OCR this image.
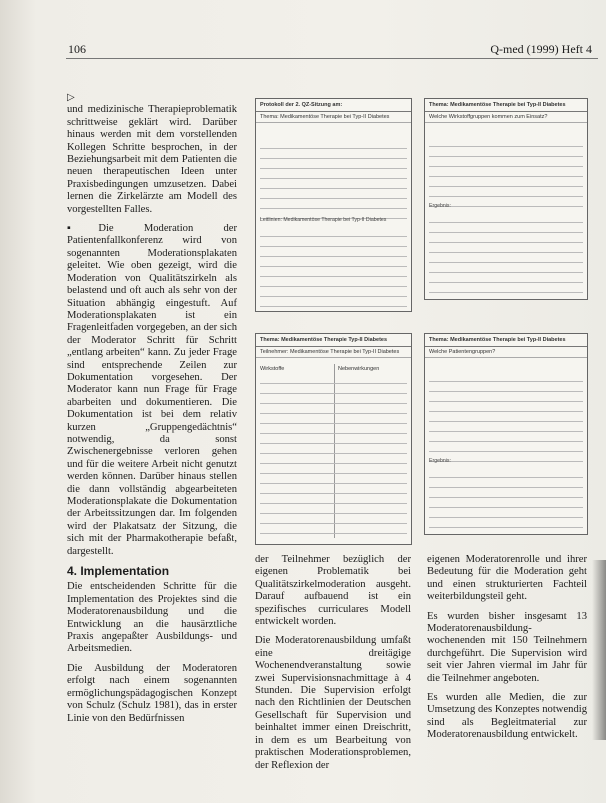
106	Q-med (1999) Heft 4
▷

und medizinische Therapieproblematik schrittweise geklärt wird. Darüber hinaus werden mit dem vorstellenden Kollegen Schritte besprochen, in der Beziehungsarbeit mit dem Patienten die neuen therapeutischen Ideen unter Praxisbedingungen umzusetzen. Dabei lernen die Zirkelärzte am Modell des vorgestellten Falles.

▪ Die Moderation der Patientenfallkonferenz wird von sogenannten Moderationsplakaten geleitet. Wie oben gezeigt, wird die Moderation von Qualitätszirkeln als belastend und oft auch als sehr von der Situation abhängig eingestuft. Auf Moderationsplakaten ist ein Fragenleitfaden vorgegeben, an der sich der Moderator Schritt für Schritt „entlang arbeiten“ kann. Zu jeder Frage sind entsprechende Zeilen zur Dokumentation vorgesehen. Der Moderator kann nun Frage für Frage abarbeiten und dokumentieren. Die Dokumentation ist bei dem relativ kurzen „Gruppengedächtnis“ notwendig, da sonst Zwischenergebnisse verloren gehen und für die weitere Arbeit nicht genutzt werden können. Darüber hinaus stellen die dann vollständig abgearbeiteten Moderationsplakate die Dokumentation der Arbeitssitzungen dar. Im folgenden wird der Plakatsatz der Sitzung, die sich mit der Pharmakotherapie befaßt, dargestellt.

4. Implementation

Die entscheidenden Schritte für die Implementation des Projektes sind die Moderatorenausbildung und die Entwicklung an die hausärztliche Praxis angepaßter Ausbildungs- und Arbeitsmedien.

Die Ausbildung der Moderatoren erfolgt nach einem sogenannten ermöglichungspädagogischen Konzept von Schulz (Schulz 1981), das in erster Linie von den Bedürfnissen

Protokoll der 2. QZ-Sitzung am:
Thema: Medikamentöse Therapie bei Typ-II Diabetes
Leitlinien: Medikamentöse Therapie bei Typ-II Diabetes
Thema: Medikamentöse Therapie bei Typ-II Diabetes
Welche Wirkstoffgruppen kommen zum Einsatz?
Ergebnis:
Thema: Medikamentöse Therapie Typ-II Diabetes
Teilnehmer: Medikamentöse Therapie bei Typ-II Diabetes
Wirkstoffe	Nebenwirkungen
Thema: Medikamentöse Therapie bei Typ-II Diabetes
Welche Patientengruppen?
Ergebnis:

der Teilnehmer bezüglich der eigenen Problematik bei Qualitätszirkelmoderation ausgeht. Darauf aufbauend ist ein spezifisches curriculares Modell entwickelt worden.

Die Moderatorenausbildung umfaßt eine dreitägige Wochenendveranstaltung sowie zwei Supervisionsnachmittage à 4 Stunden. Die Supervision erfolgt nach den Richtlinien der Deutschen Gesellschaft für Supervision und beinhaltet immer einen Dreischritt, in dem es um Bearbeitung von praktischen Moderationsproblemen, der Reflexion der

eigenen Moderatorenrolle und ihrer Bedeutung für die Moderation geht und einen strukturierten Fachteil weiterbildungsteil geht.

Es wurden bisher insgesamt 13 Moderatorenausbildung-wochenenden mit 150 Teilnehmern durchgeführt. Die Supervision wird seit vier Jahren viermal im Jahr für die Teilnehmer angeboten.

Es wurden alle Medien, die zur Umsetzung des Konzeptes notwendig sind als Begleitmaterial zur Moderatorenausbildung entwickelt.
